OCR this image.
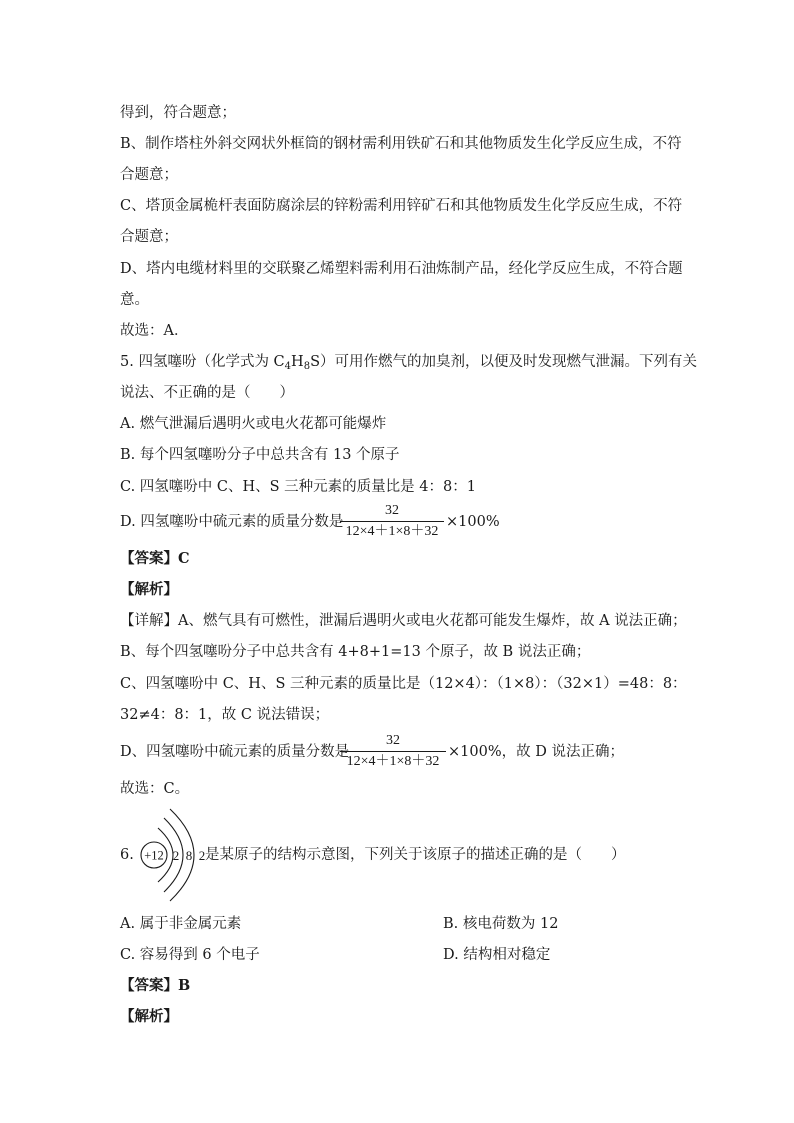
得到，符合题意；
B、制作塔柱外斜交网状外框筒的钢材需利用铁矿石和其他物质发生化学反应生成，不符
合题意；
C、塔顶金属桅杆表面防腐涂层的锌粉需利用锌矿石和其他物质发生化学反应生成，不符
合题意；
D、塔内电缆材料里的交联聚乙烯塑料需利用石油炼制产品，经化学反应生成，不符合题
意。
故选：A．
5. 四氢噻吩（化学式为 $C_4H_8S$）可用作燃气的加臭剂，以便及时发现燃气泄漏。下列有关
说法、不正确的是（　　）
A. 燃气泄漏后遇明火或电火花都可能爆炸
B. 每个四氢噻吩分子中总共含有 13 个原子
C. 四氢噻吩中 C、H、S 三种元素的质量比是 4：8：1
D. 四氢噻吩中硫元素的质量分数是
32
12×4＋1×8＋32
×100%
【答案】C
【解析】
【详解】A、燃气具有可燃性，泄漏后遇明火或电火花都可能发生爆炸，故 A 说法正确；
B、每个四氢噻吩分子中总共含有 4+8+1=13 个原子，故 B 说法正确；
C、四氢噻吩中 C、H、S 三种元素的质量比是（12×4）：（1×8）：（32×1）=48：8：
32≠4：8：1，故 C 说法错误；
D、四氢噻吩中硫元素的质量分数是
32
12×4＋1×8＋32
×100%，故 D 说法正确；
故选：C。
6. +12 2 8 2 是某原子的结构示意图，下列关于该原子的描述正确的是（　　）
A. 属于非金属元素	B. 核电荷数为 12
C. 容易得到 6 个电子	D. 结构相对稳定
【答案】B
【解析】
